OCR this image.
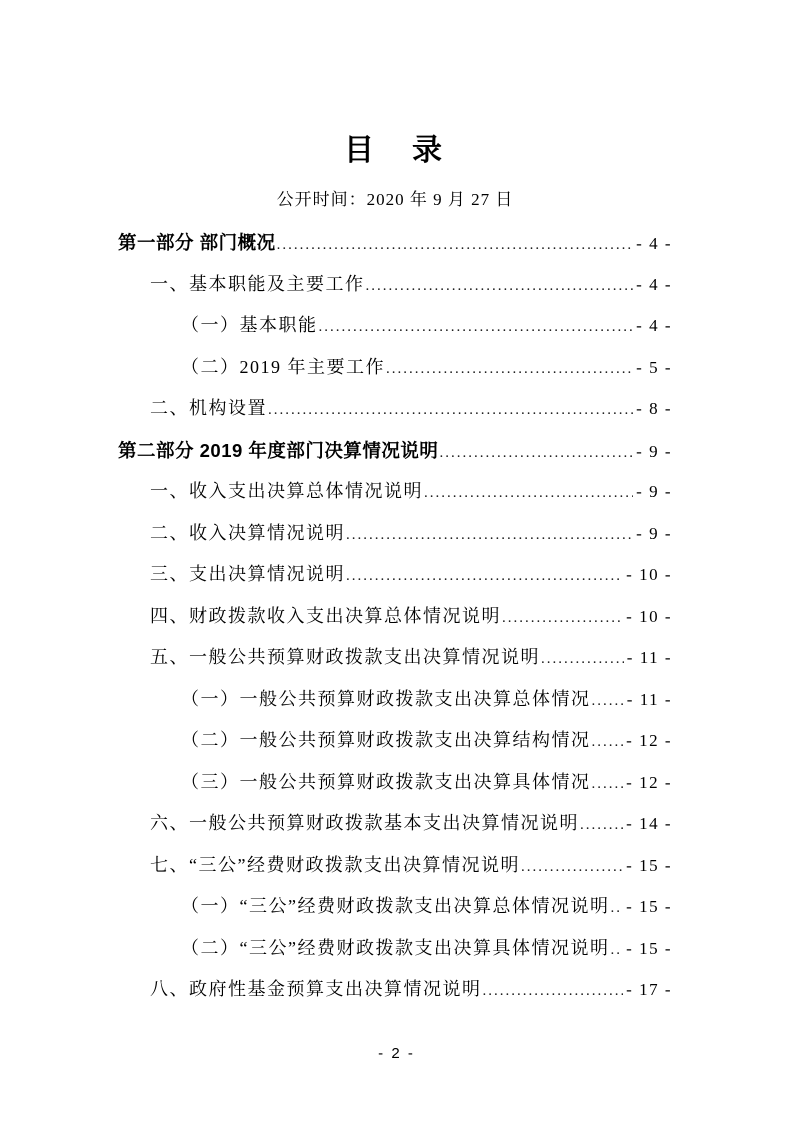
目　录

公开时间：2020 年 9 月 27 日

第一部分 部门概况 .....	- 4 -
一、基本职能及主要工作 .....	- 4 -
（一）基本职能 .....	- 4 -
（二）2019 年主要工作 .....	- 5 -
二、机构设置 .....	- 8 -
第二部分 2019 年度部门决算情况说明 .....	- 9 -
一、收入支出决算总体情况说明 .....	- 9 -
二、收入决算情况说明 .....	- 9 -
三、支出决算情况说明 .....	- 10 -
四、财政拨款收入支出决算总体情况说明 .....	- 10 -
五、一般公共预算财政拨款支出决算情况说明 .....	- 11 -
（一）一般公共预算财政拨款支出决算总体情况 ..... - 11 -
（二）一般公共预算财政拨款支出决算结构情况 ..... - 12 -
（三）一般公共预算财政拨款支出决算具体情况 ..... - 12 -
六、一般公共预算财政拨款基本支出决算情况说明 .....	- 14 -
七、“三公”经费财政拨款支出决算情况说明 .....	- 15 -
（一）“三公”经费财政拨款支出决算总体情况说明 ..... - 15 -
（二）“三公”经费财政拨款支出决算具体情况说明 ..... - 15 -
八、政府性基金预算支出决算情况说明 .....	- 17 -
- 2 -
